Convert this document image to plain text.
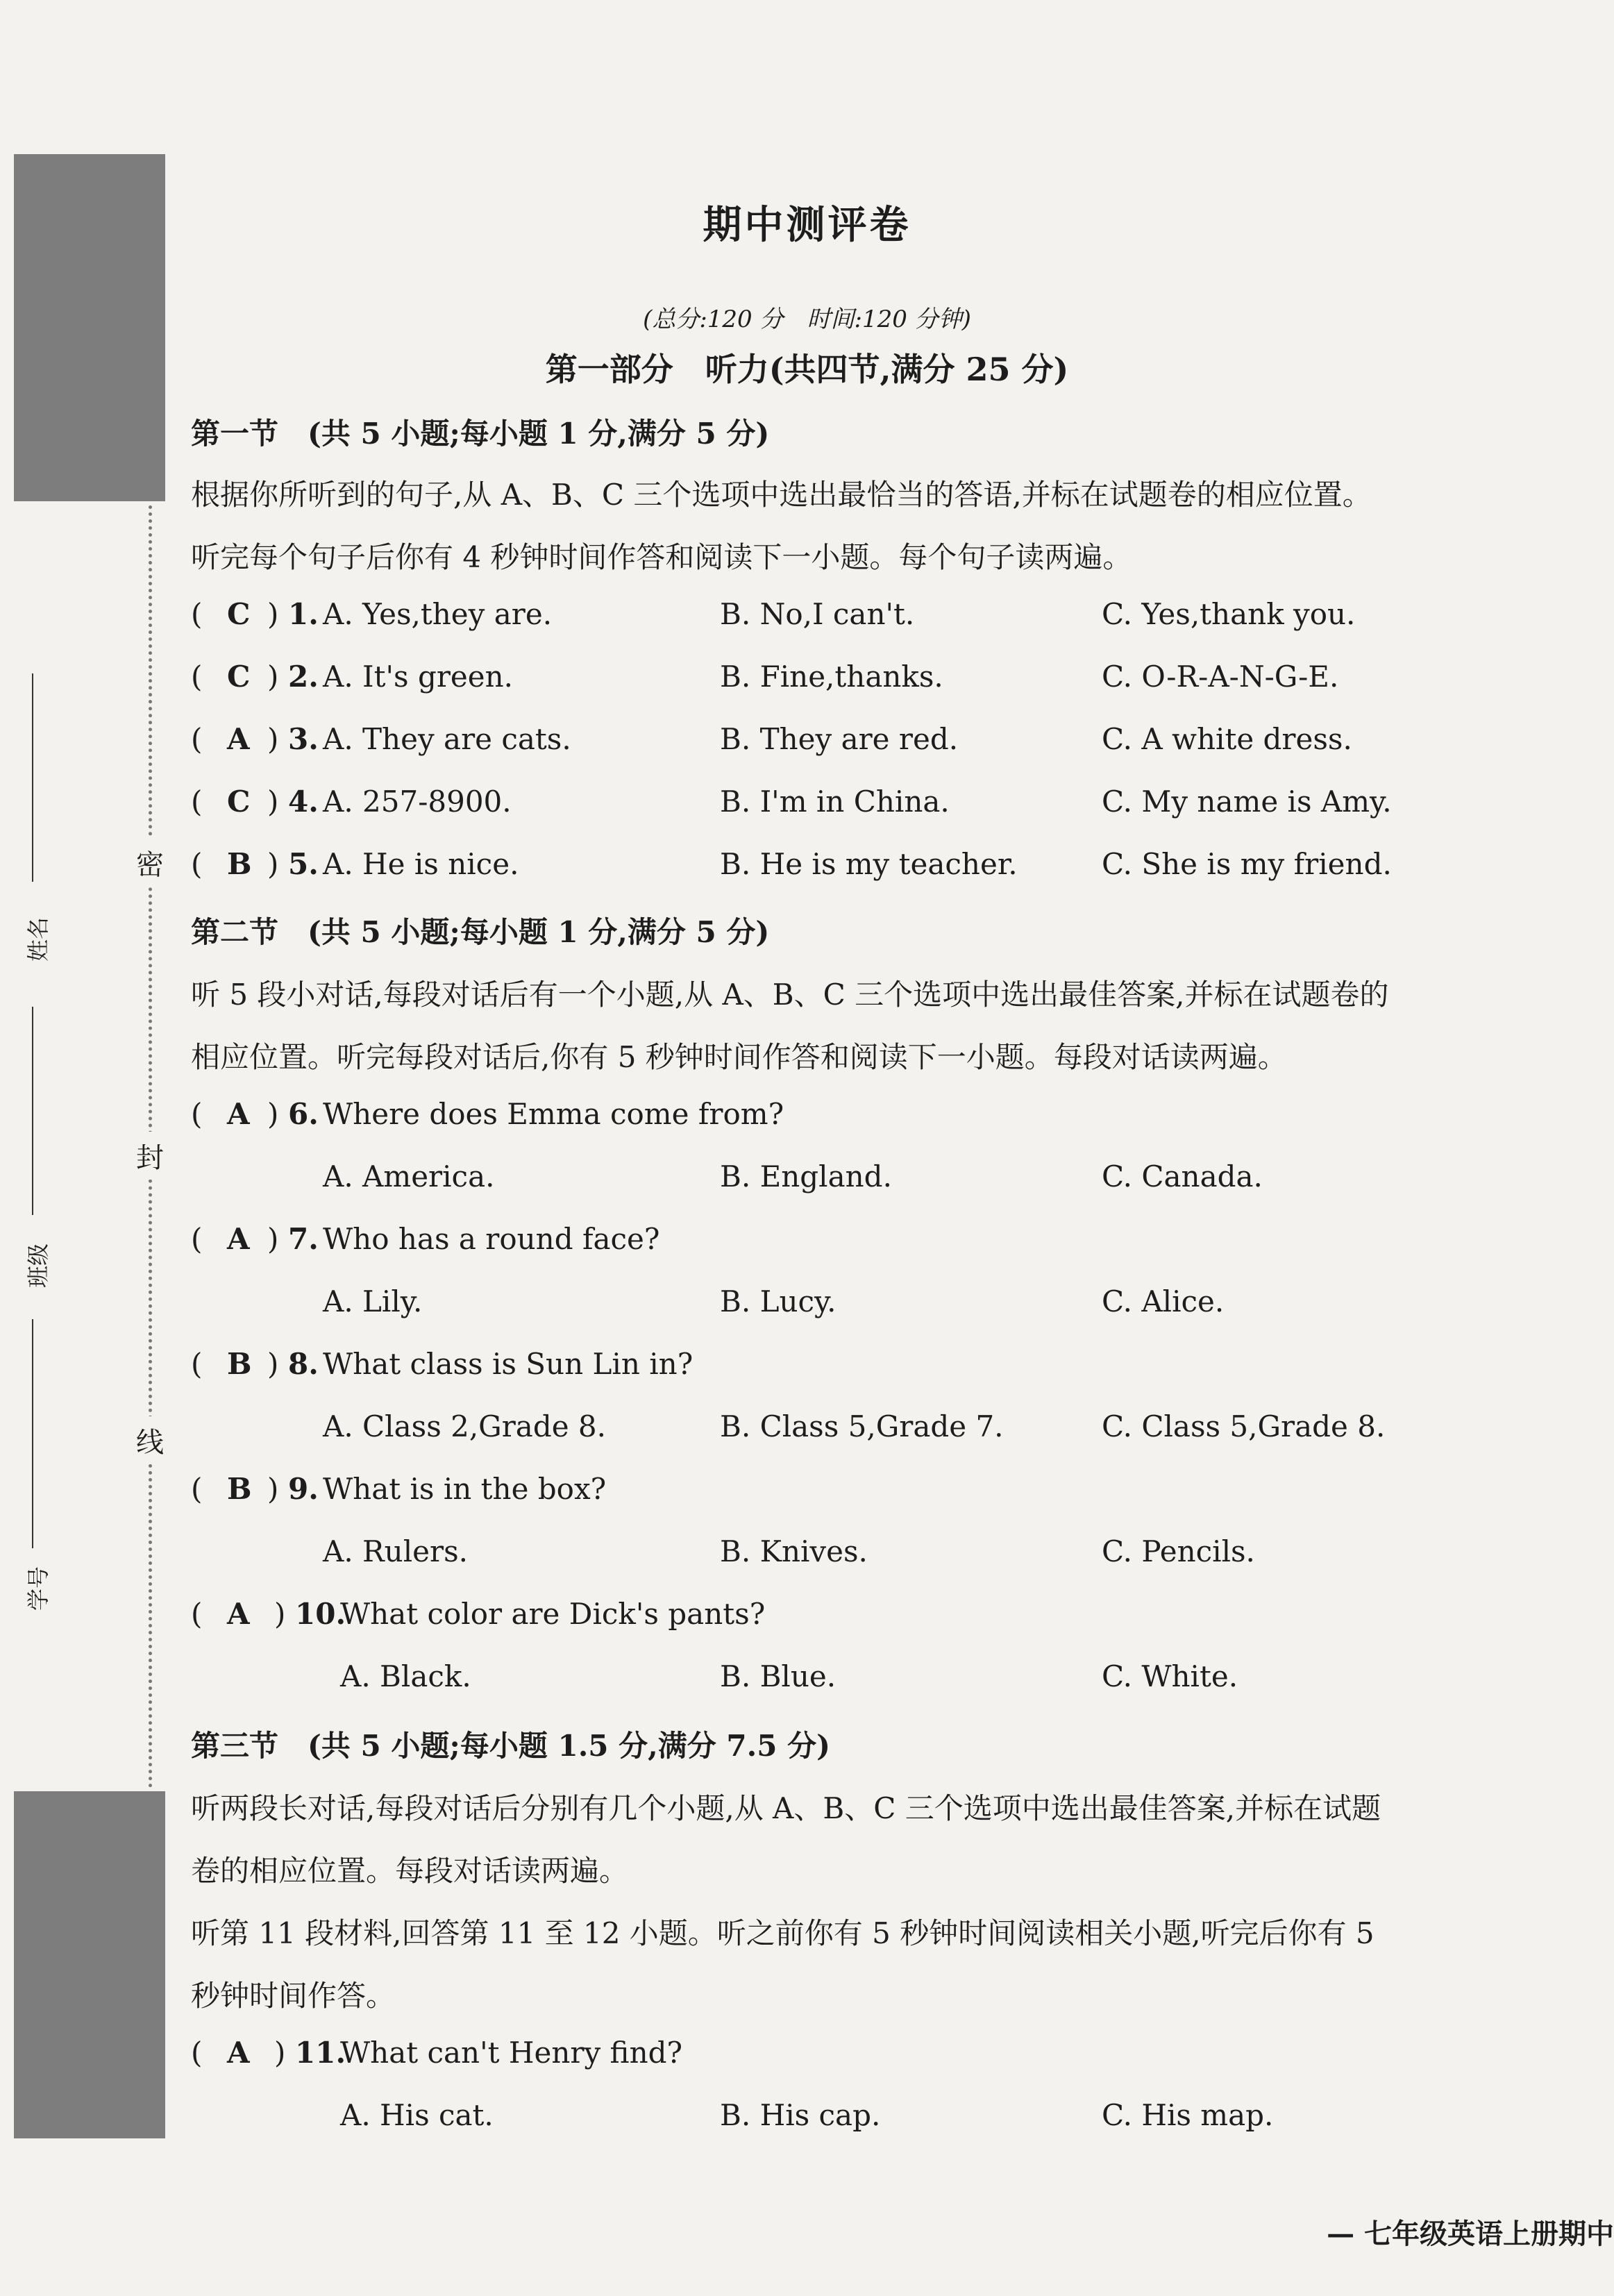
密
封
线
姓名
班级
学号
期中测评卷
(总分:120 分　时间:120 分钟)
第一部分　听力(共四节,满分 25 分)
第一节　(共 5 小题;每小题 1 分,满分 5 分)
根据你所听到的句子,从 A、B、C 三个选项中选出最恰当的答语,并标在试题卷的相应位置。
听完每个句子后你有 4 秒钟时间作答和阅读下一小题。每个句子读两遍。
( C ) 1. A. Yes,they are.	B. No,I can't.	C. Yes,thank you.
( C ) 2. A. It's green.	B. Fine,thanks.	C. O-R-A-N-G-E.
( A ) 3. A. They are cats.	B. They are red.	C. A white dress.
( C ) 4. A. 257-8900.	B. I'm in China.	C. My name is Amy.
( B ) 5. A. He is nice.	B. He is my teacher.	C. She is my friend.
第二节　(共 5 小题;每小题 1 分,满分 5 分)
听 5 段小对话,每段对话后有一个小题,从 A、B、C 三个选项中选出最佳答案,并标在试题卷的
相应位置。听完每段对话后,你有 5 秒钟时间作答和阅读下一小题。每段对话读两遍。
( A ) 6. Where does Emma come from?
A. America.	B. England.	C. Canada.
( A ) 7. Who has a round face?
A. Lily.	B. Lucy.	C. Alice.
( B ) 8. What class is Sun Lin in?
A. Class 2,Grade 8.	B. Class 5,Grade 7.	C. Class 5,Grade 8.
( B ) 9. What is in the box?
A. Rulers.	B. Knives.	C. Pencils.
( A ) 10.
What color are Dick's pants?
A. Black.	B. Blue.	C. White.
第三节　(共 5 小题;每小题 1.5 分,满分 7.5 分)
听两段长对话,每段对话后分别有几个小题,从 A、B、C 三个选项中选出最佳答案,并标在试题
卷的相应位置。每段对话读两遍。
听第 11 段材料,回答第 11 至 12 小题。听之前你有 5 秒钟时间阅读相关小题,听完后你有 5
秒钟时间作答。
( A ) 11.
What can't Henry find?
A. His cat.	B. His cap.	C. His map.
— 七年级英语上册期中
